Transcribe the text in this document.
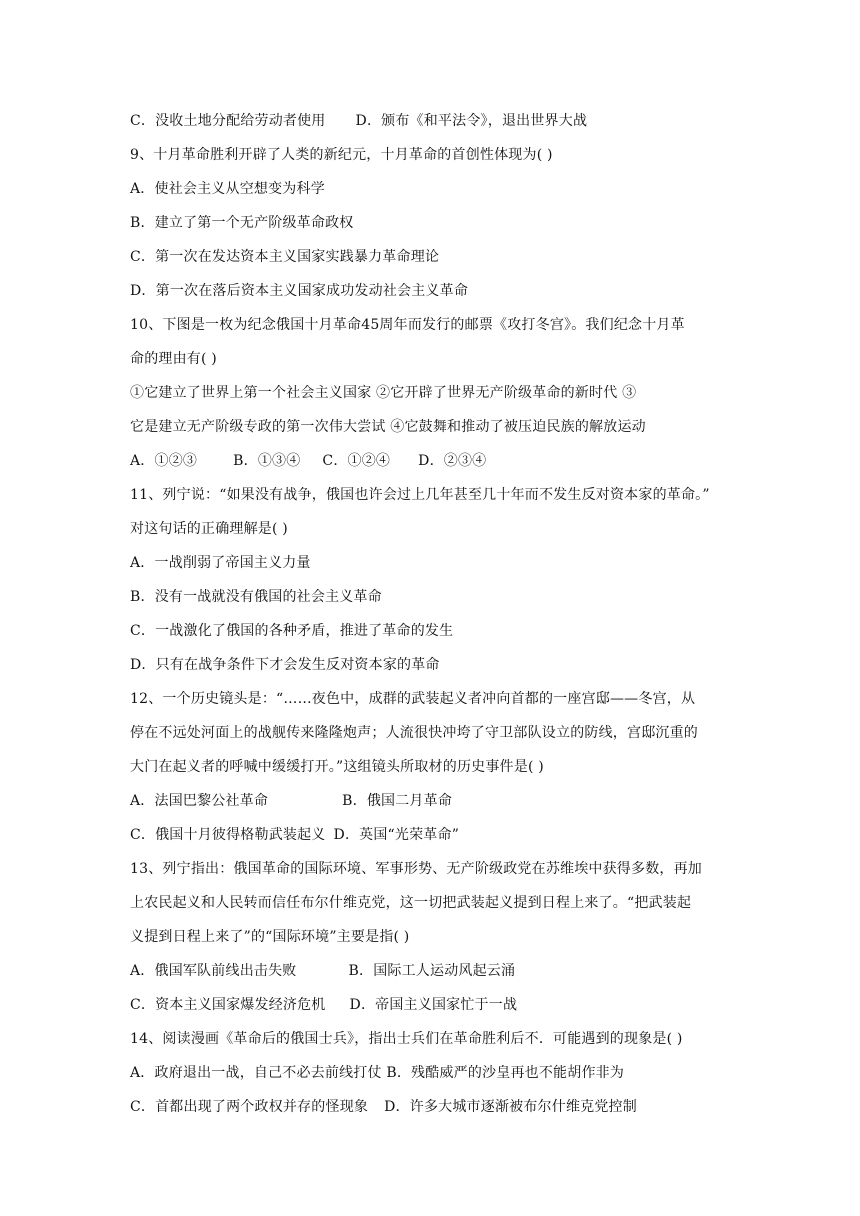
C．没收土地分配给劳动者使用 D．颁布《和平法令》，退出世界大战
9、十月革命胜利开辟了人类的新纪元，十月革命的首创性体现为( )
A．使社会主义从空想变为科学
B．建立了第一个无产阶级革命政权
C．第一次在发达资本主义国家实践暴力革命理论
D．第一次在落后资本主义国家成功发动社会主义革命
10、下图是一枚为纪念俄国十月革命45周年而发行的邮票《攻打冬宫》。我们纪念十月革
命的理由有( )
①它建立了世界上第一个社会主义国家 ②它开辟了世界无产阶级革命的新时代 ③
它是建立无产阶级专政的第一次伟大尝试 ④它鼓舞和推动了被压迫民族的解放运动
A．①②③	B．①③④ C．①②④ D．②③④
11、列宁说：“如果没有战争，俄国也许会过上几年甚至几十年而不发生反对资本家的革命。”
对这句话的正确理解是( )
A．一战削弱了帝国主义力量
B．没有一战就没有俄国的社会主义革命
C．一战激化了俄国的各种矛盾，推进了革命的发生
D．只有在战争条件下才会发生反对资本家的革命
12、一个历史镜头是：“……夜色中，成群的武装起义者冲向首都的一座宫邸——冬宫，从
停在不远处河面上的战舰传来隆隆炮声；人流很快冲垮了守卫部队设立的防线，宫邸沉重的
大门在起义者的呼喊中缓缓打开。”这组镜头所取材的历史事件是( )
A．法国巴黎公社革命	B．俄国二月革命
C．俄国十月彼得格勒武装起义 D．英国“光荣革命”
13、列宁指出：俄国革命的国际环境、军事形势、无产阶级政党在苏维埃中获得多数，再加
上农民起义和人民转而信任布尔什维克党，这一切把武装起义提到日程上来了。“把武装起
义提到日程上来了”的“国际环境”主要是指( )
A．俄国军队前线出击失败	B．国际工人运动风起云涌
C．资本主义国家爆发经济危机 D．帝国主义国家忙于一战
14、阅读漫画《革命后的俄国士兵》，指出士兵们在革命胜利后不．可能遇到的现象是( )
A．政府退出一战，自己不必去前线打仗 B．残酷威严的沙皇再也不能胡作非为
C．首都出现了两个政权并存的怪现象 D．许多大城市逐渐被布尔什维克党控制
